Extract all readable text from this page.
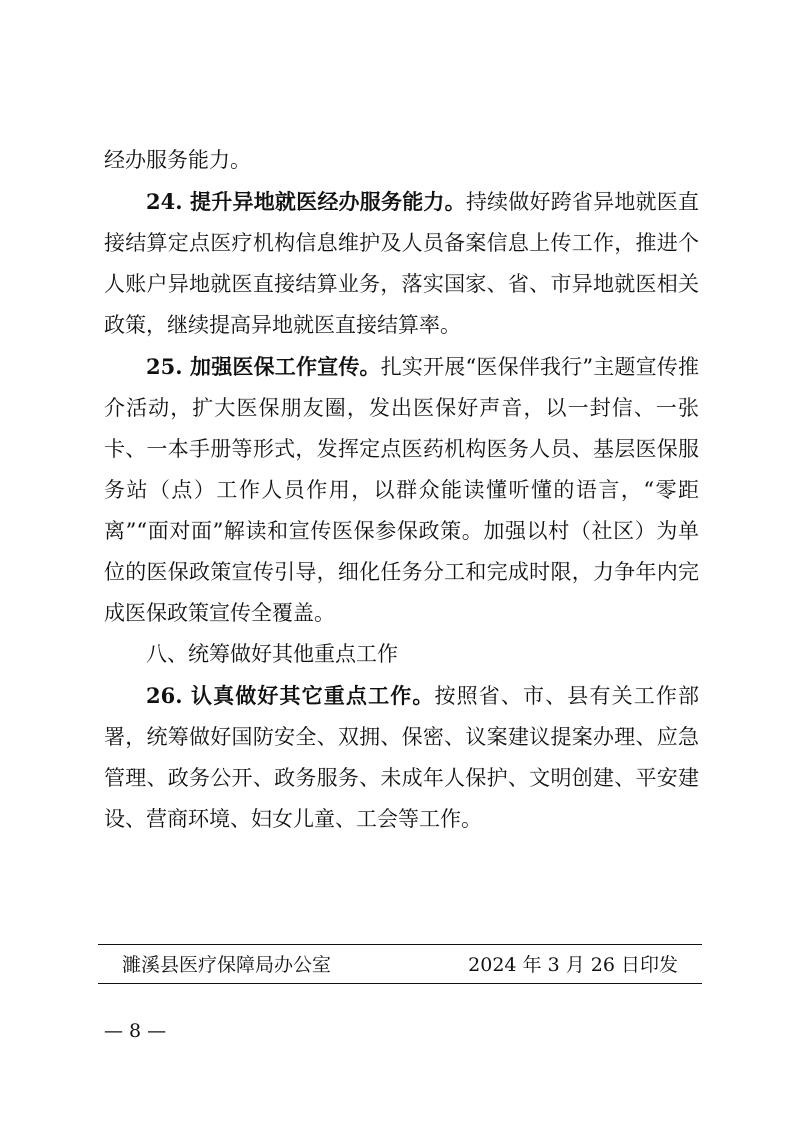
经办服务能力。

24. 提升异地就医经办服务能力。持续做好跨省异地就医直接结算定点医疗机构信息维护及人员备案信息上传工作，推进个人账户异地就医直接结算业务，落实国家、省、市异地就医相关政策，继续提高异地就医直接结算率。

25. 加强医保工作宣传。扎实开展“医保伴我行”主题宣传推介活动，扩大医保朋友圈，发出医保好声音，以一封信、一张卡、一本手册等形式，发挥定点医药机构医务人员、基层医保服务站（点）工作人员作用，以群众能读懂听懂的语言，“零距离”“面对面”解读和宣传医保参保政策。加强以村（社区）为单位的医保政策宣传引导，细化任务分工和完成时限，力争年内完成医保政策宣传全覆盖。

八、统筹做好其他重点工作

26. 认真做好其它重点工作。按照省、市、县有关工作部署，统筹做好国防安全、双拥、保密、议案建议提案办理、应急管理、政务公开、政务服务、未成年人保护、文明创建、平安建设、营商环境、妇女儿童、工会等工作。

濉溪县医疗保障局办公室	2024 年 3 月 26 日印发
— 8 —
